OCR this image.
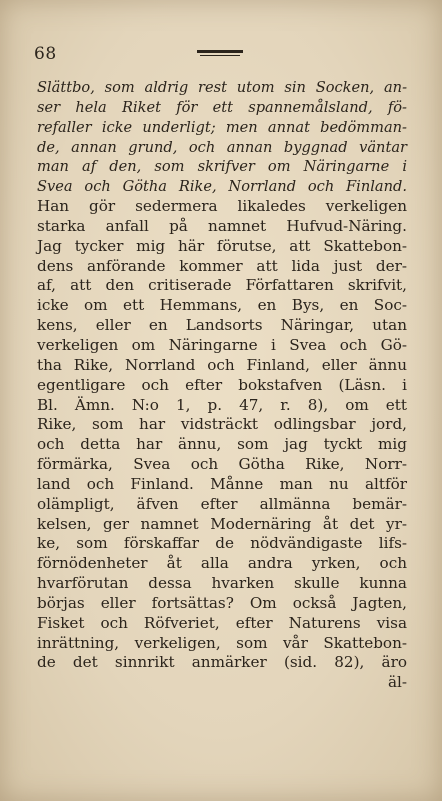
68
Slättbo, som aldrig rest utom sin Socken, an-
ser hela Riket för ett spannemålsland, fö-
refaller icke underligt; men annat bedömman-
de, annan grund, och annan byggnad väntar
man af den, som skrifver om Näringarne i
Svea och Götha Rike, Norrland och Finland.
Han gör sedermera likaledes verkeligen
starka anfall på namnet Hufvud-Näring.
Jag tycker mig här förutse, att Skattebon-
dens anförande kommer att lida just der-
af, att den critiserade Författaren skrifvit,
icke om ett Hemmans, en Bys, en Soc-
kens, eller en Landsorts Näringar, utan
verkeligen om Näringarne i Svea och Gö-
tha Rike, Norrland och Finland, eller ännu
egentligare och efter bokstafven (Läsn. i
Bl. Ämn. N:o 1, p. 47, r. 8), om ett
Rike, som har vidsträckt odlingsbar jord,
och detta har ännu, som jag tyckt mig
förmärka, Svea och Götha Rike, Norr-
land och Finland. Månne man nu altför
olämpligt, äfven efter allmänna bemär-
kelsen, ger namnet Modernäring åt det yr-
ke, som förskaffar de nödvändigaste lifs-
förnödenheter åt alla andra yrken, och
hvarförutan dessa hvarken skulle kunna
börjas eller fortsättas? Om också Jagten,
Fisket och Röfveriet, efter Naturens visa
inrättning, verkeligen, som vår Skattebon-
de det sinnrikt anmärker (sid. 82), äro
äl-
